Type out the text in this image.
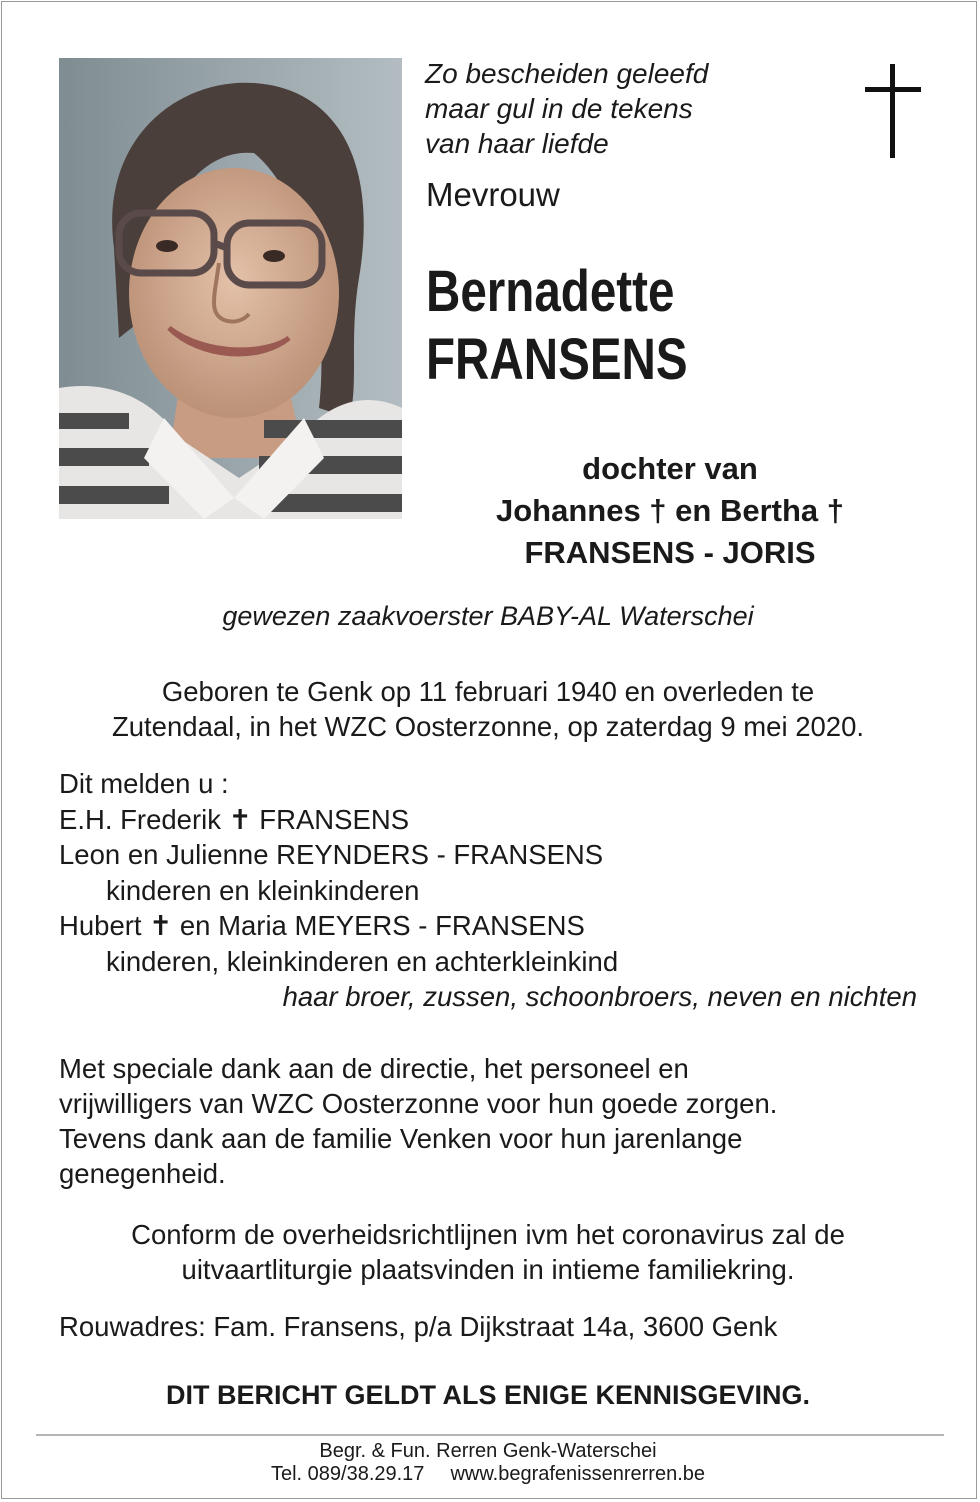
Zo bescheiden geleefd
maar gul in de tekens
van haar liefde
Mevrouw
Bernadette
FRANSENS
dochter van
Johannes † en Bertha †
FRANSENS - JORIS
gewezen zaakvoerster BABY-AL Waterschei
Geboren te Genk op 11 februari 1940 en overleden te
Zutendaal, in het WZC Oosterzonne, op zaterdag 9 mei 2020.
Dit melden u :
E.H. Frederik ✝ FRANSENS
Leon en Julienne REYNDERS - FRANSENS
kinderen en kleinkinderen
Hubert ✝ en Maria MEYERS - FRANSENS
kinderen, kleinkinderen en achterkleinkind
haar broer, zussen, schoonbroers, neven en nichten
Met speciale dank aan de directie, het personeel en
vrijwilligers van WZC Oosterzonne voor hun goede zorgen.
Tevens dank aan de familie Venken voor hun jarenlange
genegenheid.
Conform de overheidsrichtlijnen ivm het coronavirus zal de
uitvaartliturgie plaatsvinden in intieme familiekring.
Rouwadres: Fam. Fransens, p/a Dijkstraat 14a, 3600 Genk
DIT BERICHT GELDT ALS ENIGE KENNISGEVING.
Begr. & Fun. Rerren Genk-Waterschei
Tel. 089/38.29.17 www.begrafenissenrerren.be
